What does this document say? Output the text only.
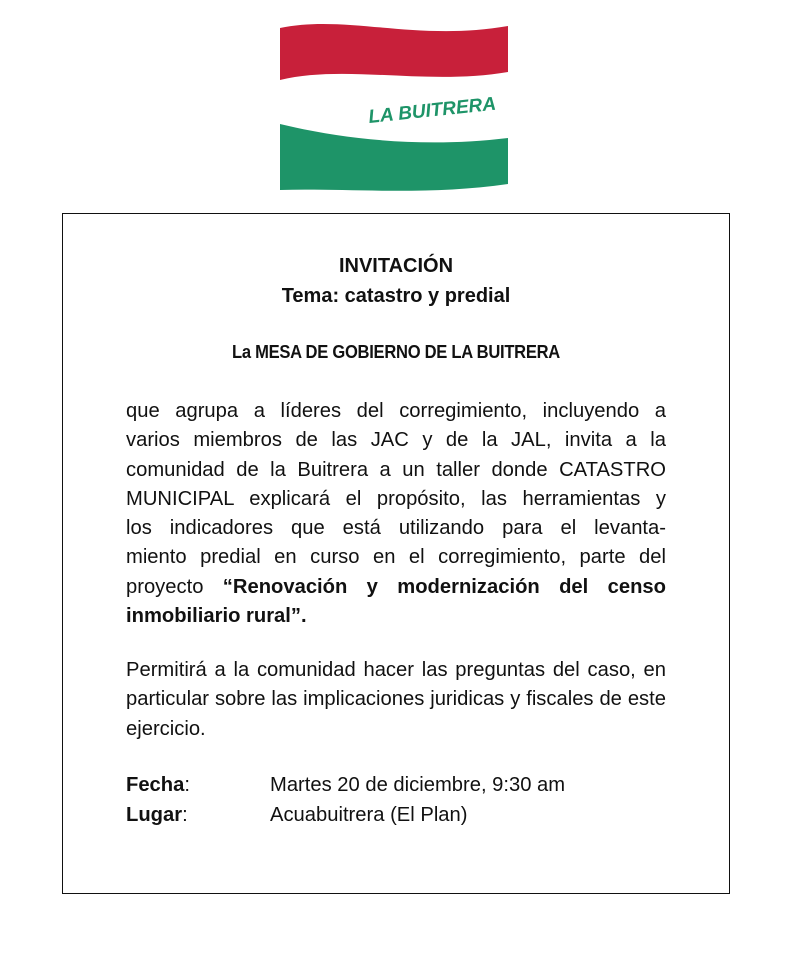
LA BUITRERA
INVITACIÓN
Tema: catastro y predial
La MESA DE GOBIERNO DE LA BUITRERA
que agrupa a líderes del corregimiento, incluyendo a
varios miembros de las JAC y de la JAL, invita a la
comunidad de la Buitrera a un taller donde CATASTRO
MUNICIPAL explicará el propósito, las herramientas y
los indicadores que está utilizando para el levanta-
miento predial en curso en el corregimiento, parte del
proyecto “Renovación y modernización del censo
inmobiliario rural”.

Permitirá a la comunidad hacer las preguntas del caso, en particular sobre las implicaciones juridicas y fiscales de este ejercicio.

Fecha:	Martes 20 de diciembre, 9:30 am
Lugar:	Acuabuitrera (El Plan)
